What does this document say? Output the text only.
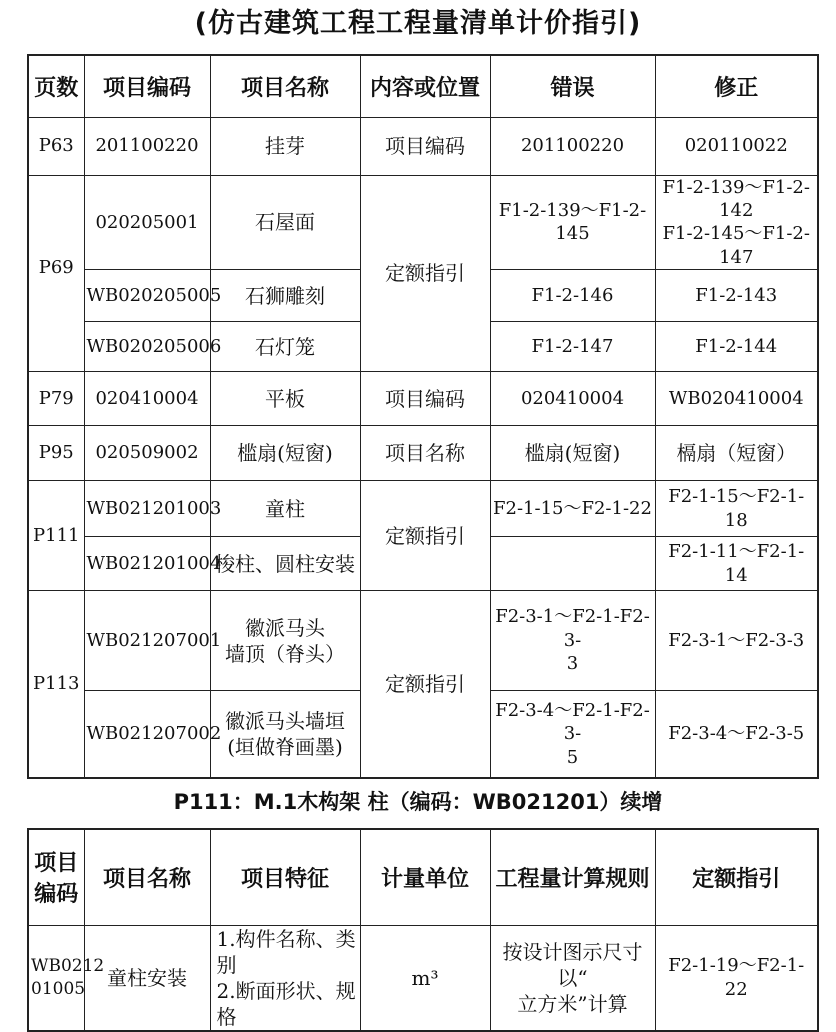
(仿古建筑工程工程量清单计价指引)
页数	项目编码	项目名称	内容或位置	错误	修正
P63	201100220	挂芽	项目编码	201100220	020110022
P69	020205001	石屋面	定额指引	F1-2-139～F1-2-145	F1-2-139～F1-2-142
F1-2-145～F1-2-147

	WB020205005	石狮雕刻		F1-2-146	F1-2-143
	WB020205006	石灯笼		F1-2-147	F1-2-144
P79	020410004	平板	项目编码	020410004	WB020410004
P95	020509002	槛扇(短窗)	项目名称	槛扇(短窗)	槅扇（短窗）
P111	WB021201003	童柱	定额指引	F2-1-15～F2-1-22	F2-1-15～F2-1-18
	WB021201004	梭柱、圆柱安装			F2-1-11～F2-1-14
P113	WB021207001	徽派马头
墙顶（脊头）	定额指引	F2-3-1～F2-1-F2-3-
3	F2-3-1～F2-3-3
	WB021207002	徽派马头墙垣
(垣做脊画墨)		F2-3-4～F2-1-F2-3-
5	F2-3-4～F2-3-5
P111：M.1木构架 柱（编码：WB021201）续增
项目
编码	项目名称	项目特征	计量单位	工程量计算规则	定额指引

WB0212
01005	童柱安装	1.构件名称、类别
2.断面形状、规格	m³	按设计图示尺寸以“
立方米”计算	F2-1-19～F2-1-22
